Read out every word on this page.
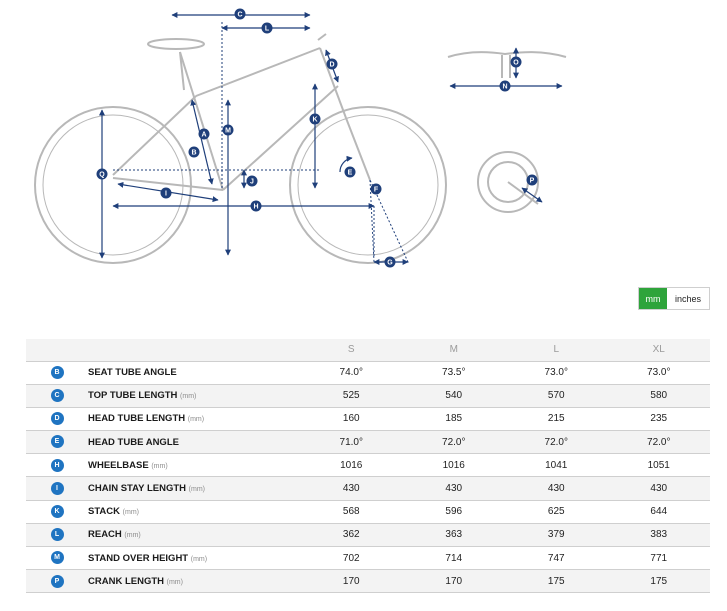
A
B
C
D
E
F
G
H
I
J
K
L
M
N
O
P
Q
mm	inches
		S	M	L	XL
B	SEAT TUBE ANGLE	74.0°	73.5°	73.0°	73.0°
C	TOP TUBE LENGTH (mm)	525	540	570	580
D	HEAD TUBE LENGTH (mm)	160	185	215	235
E	HEAD TUBE ANGLE	71.0°	72.0°	72.0°	72.0°
H	WHEELBASE (mm)	1016	1016	1041	1051
I	CHAIN STAY LENGTH (mm)	430	430	430	430
K	STACK (mm)	568	596	625	644
L	REACH (mm)	362	363	379	383
M	STAND OVER HEIGHT (mm)	702	714	747	771
P	CRANK LENGTH (mm)	170	170	175	175
